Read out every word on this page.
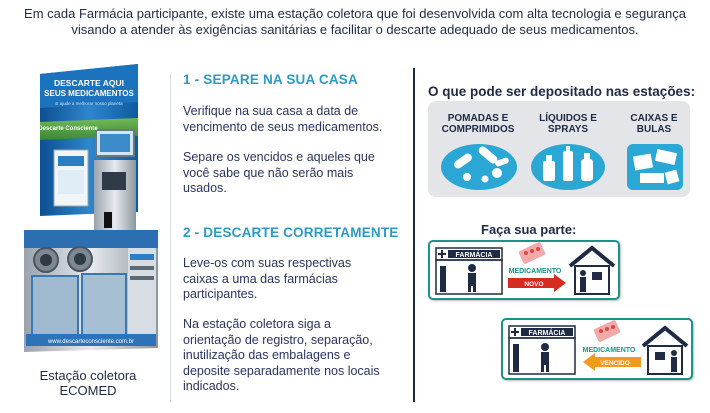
Em cada Farmácia participante, existe uma estação coletora que foi desenvolvida com alta tecnologia e segurança
visando a atender às exigências sanitárias e facilitar o descarte adequado de seus medicamentos.
DESCARTE AQUI
SEUS MEDICAMENTOS
E ajude a melhorar nosso planeta
Descarte Consciente
www.descarteconsciente.com.br
Estação coletora
ECOMED
1 - SEPARE NA SUA CASA
Verifique na sua casa a data de
vencimento de seus medicamentos.
Separe os vencidos e aqueles que
você sabe que não serão mais
usados.
2 - DESCARTE CORRETAMENTE
Leve-os com suas respectivas
caixas a uma das farmácias
participantes.
Na estação coletora siga a
orientação de registro, separação,
inutilização das embalagens e
deposite separadamente nos locais
indicados.
O que pode ser depositado nas estações:
POMADAS E
COMPRIMIDOS
LÍQUIDOS E
SPRAYS
CAIXAS E
BULAS
Faça sua parte:
FARMÁCIA
MEDICAMENTO
NOVO
FARMÁCIA
MEDICAMENTO
VENCIDO
